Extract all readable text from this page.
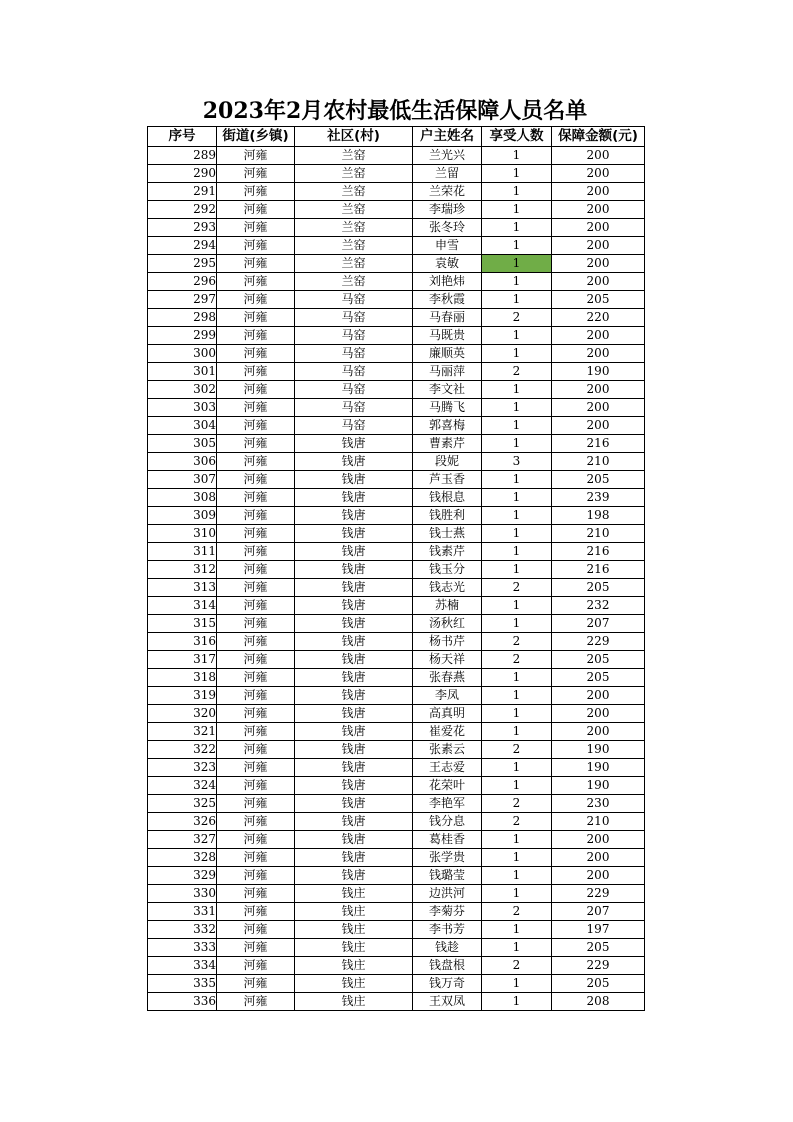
2023年2月农村最低生活保障人员名单
序号	街道(乡镇)	社区(村)	户主姓名	享受人数	保障金额(元)
289	河雍	兰窑	兰光兴	1	200
290	河雍	兰窑	兰留	1	200
291	河雍	兰窑	兰荣花	1	200
292	河雍	兰窑	李瑞珍	1	200
293	河雍	兰窑	张冬玲	1	200
294	河雍	兰窑	申雪	1	200
295	河雍	兰窑	袁敏	1	200
296	河雍	兰窑	刘艳炜	1	200
297	河雍	马窑	李秋霞	1	205
298	河雍	马窑	马春丽	2	220
299	河雍	马窑	马既贵	1	200
300	河雍	马窑	廉顺英	1	200
301	河雍	马窑	马丽萍	2	190
302	河雍	马窑	李文社	1	200
303	河雍	马窑	马腾飞	1	200
304	河雍	马窑	郭喜梅	1	200
305	河雍	钱唐	曹素芹	1	216
306	河雍	钱唐	段妮	3	210
307	河雍	钱唐	芦玉香	1	205
308	河雍	钱唐	钱根息	1	239
309	河雍	钱唐	钱胜利	1	198
310	河雍	钱唐	钱士燕	1	210
311	河雍	钱唐	钱素芹	1	216
312	河雍	钱唐	钱玉分	1	216
313	河雍	钱唐	钱志光	2	205
314	河雍	钱唐	苏楠	1	232
315	河雍	钱唐	汤秋红	1	207
316	河雍	钱唐	杨书芹	2	229
317	河雍	钱唐	杨天祥	2	205
318	河雍	钱唐	张春燕	1	205
319	河雍	钱唐	李凤	1	200
320	河雍	钱唐	高真明	1	200
321	河雍	钱唐	崔爱花	1	200
322	河雍	钱唐	张素云	2	190
323	河雍	钱唐	王志爱	1	190
324	河雍	钱唐	花荣叶	1	190
325	河雍	钱唐	李艳军	2	230
326	河雍	钱唐	钱分息	2	210
327	河雍	钱唐	葛桂香	1	200
328	河雍	钱唐	张学贵	1	200
329	河雍	钱唐	钱璐莹	1	200
330	河雍	钱庄	边洪河	1	229
331	河雍	钱庄	李菊芬	2	207
332	河雍	钱庄	李书芳	1	197
333	河雍	钱庄	钱趁	1	205
334	河雍	钱庄	钱盘根	2	229
335	河雍	钱庄	钱万奇	1	205
336	河雍	钱庄	王双凤	1	208
